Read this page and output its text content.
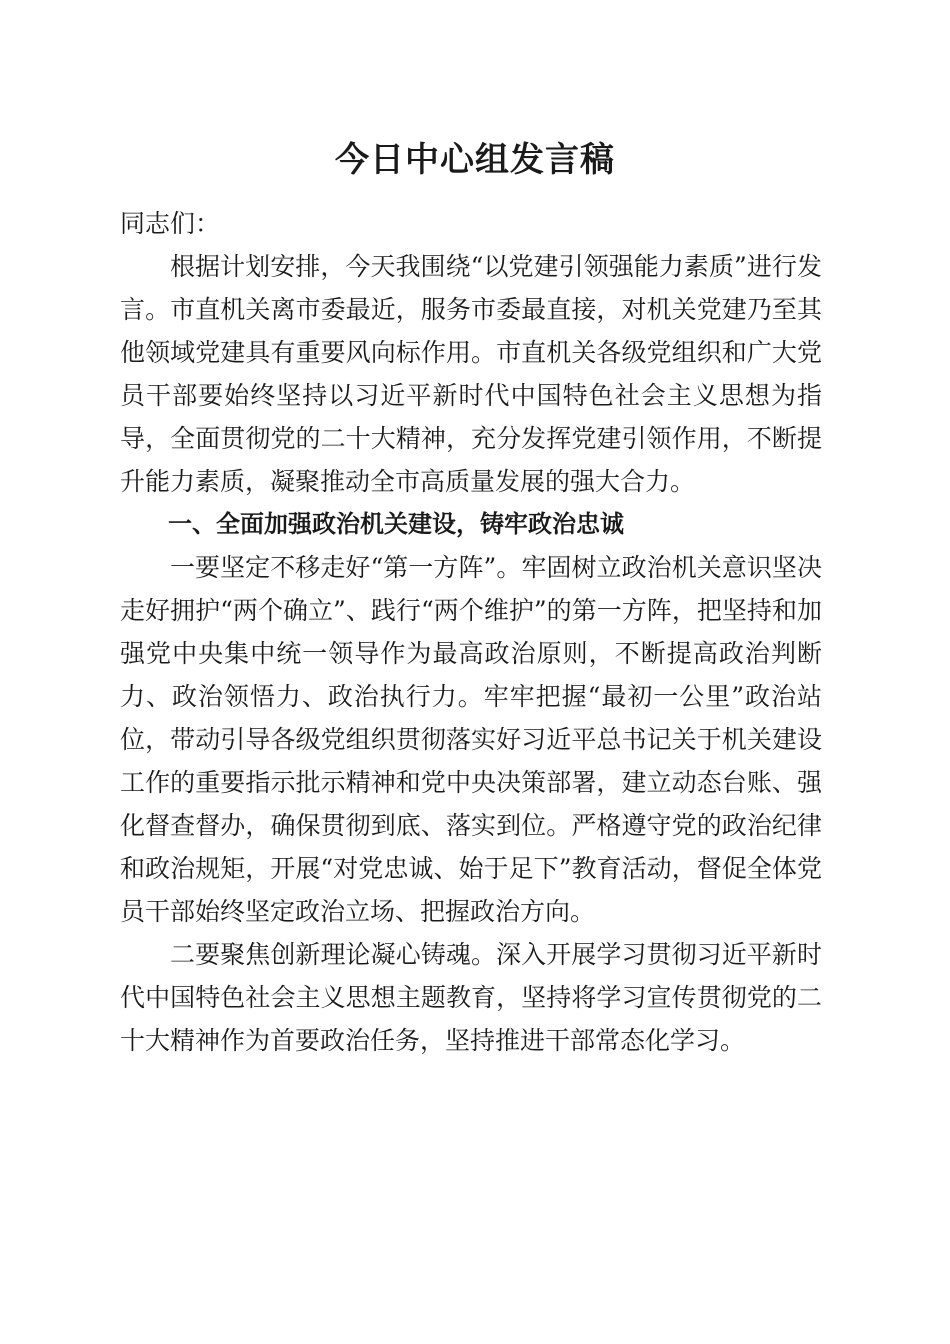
今日中心组发言稿

同志们：

根据计划安排，今天我围绕“以党建引领强能力素质”进行发言。市直机关离市委最近，服务市委最直接，对机关党建乃至其他领域党建具有重要风向标作用。市直机关各级党组织和广大党员干部要始终坚持以习近平新时代中国特色社会主义思想为指导，全面贯彻党的二十大精神，充分发挥党建引领作用，不断提升能力素质，凝聚推动全市高质量发展的强大合力。

一、全面加强政治机关建设，铸牢政治忠诚

一要坚定不移走好“第一方阵”。牢固树立政治机关意识坚决走好拥护“两个确立”、践行“两个维护”的第一方阵，把坚持和加强党中央集中统一领导作为最高政治原则，不断提高政治判断力、政治领悟力、政治执行力。牢牢把握“最初一公里”政治站位，带动引导各级党组织贯彻落实好习近平总书记关于机关建设工作的重要指示批示精神和党中央决策部署，建立动态台账、强化督查督办，确保贯彻到底、落实到位。严格遵守党的政治纪律和政治规矩，开展“对党忠诚、始于足下”教育活动，督促全体党员干部始终坚定政治立场、把握政治方向。

二要聚焦创新理论凝心铸魂。深入开展学习贯彻习近平新时代中国特色社会主义思想主题教育，坚持将学习宣传贯彻党的二十大精神作为首要政治任务，坚持推进干部常态化学习。
